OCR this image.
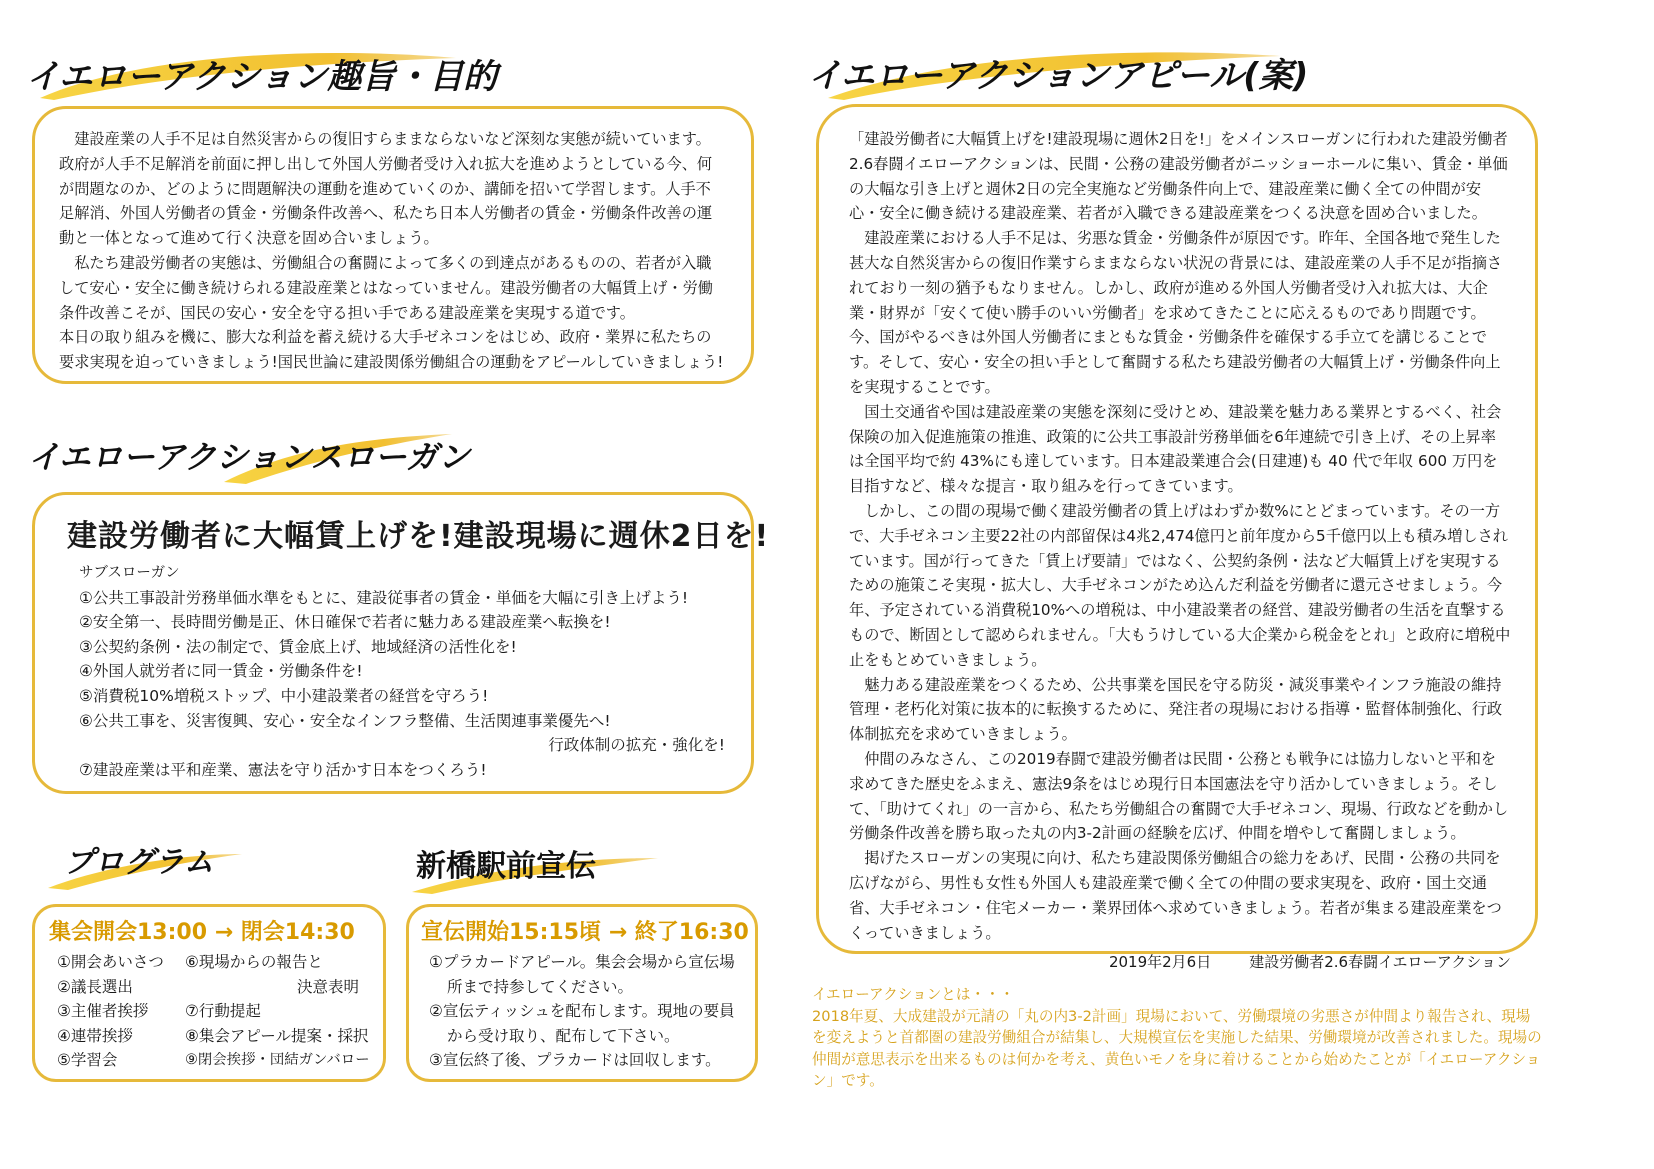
イエローアクション趣旨・目的

建設産業の人手不足は自然災害からの復旧すらままならないなど深刻な実態が続いています。政府が人手不足解消を前面に押し出して外国人労働者受け入れ拡大を進めようとしている今、何が問題なのか、どのように問題解決の運動を進めていくのか、講師を招いて学習します。人手不足解消、外国人労働者の賃金・労働条件改善へ、私たち日本人労働者の賃金・労働条件改善の運動と一体となって進めて行く決意を固め合いましょう。

私たち建設労働者の実態は、労働組合の奮闘によって多くの到達点があるものの、若者が入職して安心・安全に働き続けられる建設産業とはなっていません。建設労働者の大幅賃上げ・労働条件改善こそが、国民の安心・安全を守る担い手である建設産業を実現する道です。

本日の取り組みを機に、膨大な利益を蓄え続ける大手ゼネコンをはじめ、政府・業界に私たちの要求実現を迫っていきましょう!国民世論に建設関係労働組合の運動をアピールしていきましょう!

イエローアクションスローガン
建設労働者に大幅賃上げを!建設現場に週休2日を!
サブスローガン
①公共工事設計労務単価水準をもとに、建設従事者の賃金・単価を大幅に引き上げよう!
②安全第一、長時間労働是正、休日確保で若者に魅力ある建設産業へ転換を!
③公契約条例・法の制定で、賃金底上げ、地域経済の活性化を!
④外国人就労者に同一賃金・労働条件を!
⑤消費税10%増税ストップ、中小建設業者の経営を守ろう!
⑥公共工事を、災害復興、安心・安全なインフラ整備、生活関連事業優先へ!
行政体制の拡充・強化を!
⑦建設産業は平和産業、憲法を守り活かす日本をつくろう!
プログラム
集会開会13:00 → 閉会14:30
①開会あいさつ
②議長選出
③主催者挨拶
④連帯挨拶
⑤学習会
⑥現場からの報告と
決意表明
⑦行動提起
⑧集会アピール提案・採択
⑨閉会挨拶・団結ガンバロー
新橋駅前宣伝
宣伝開始15:15頃 → 終了16:30
①プラカードアピール。集会会場から宣伝場
所まで持参してください。
②宣伝ティッシュを配布します。現地の要員
から受け取り、配布して下さい。
③宣伝終了後、プラカードは回収します。
イエローアクションアピール(案)

「建設労働者に大幅賃上げを!建設現場に週休2日を!」をメインスローガンに行われた建設労働者2.6春闘イエローアクションは、民間・公務の建設労働者がニッショーホールに集い、賃金・単価の大幅な引き上げと週休2日の完全実施など労働条件向上で、建設産業に働く全ての仲間が安心・安全に働き続ける建設産業、若者が入職できる建設産業をつくる決意を固め合いました。

建設産業における人手不足は、劣悪な賃金・労働条件が原因です。昨年、全国各地で発生した甚大な自然災害からの復旧作業すらままならない状況の背景には、建設産業の人手不足が指摘されており一刻の猶予もなりません。しかし、政府が進める外国人労働者受け入れ拡大は、大企業・財界が「安くて使い勝手のいい労働者」を求めてきたことに応えるものであり問題です。今、国がやるべきは外国人労働者にまともな賃金・労働条件を確保する手立てを講じることです。そして、安心・安全の担い手として奮闘する私たち建設労働者の大幅賃上げ・労働条件向上を実現することです。

国土交通省や国は建設産業の実態を深刻に受けとめ、建設業を魅力ある業界とするべく、社会保険の加入促進施策の推進、政策的に公共工事設計労務単価を6年連続で引き上げ、その上昇率は全国平均で約 43%にも達しています。日本建設業連合会(日建連)も 40 代で年収 600 万円を目指すなど、様々な提言・取り組みを行ってきています。

しかし、この間の現場で働く建設労働者の賃上げはわずか数%にとどまっています。その一方で、大手ゼネコン主要22社の内部留保は4兆2,474億円と前年度から5千億円以上も積み増しされています。国が行ってきた「賃上げ要請」ではなく、公契約条例・法など大幅賃上げを実現するための施策こそ実現・拡大し、大手ゼネコンがため込んだ利益を労働者に還元させましょう。今年、予定されている消費税10%への増税は、中小建設業者の経営、建設労働者の生活を直撃するもので、断固として認められません。「大もうけしている大企業から税金をとれ」と政府に増税中止をもとめていきましょう。

魅力ある建設産業をつくるため、公共事業を国民を守る防災・減災事業やインフラ施設の維持管理・老朽化対策に抜本的に転換するために、発注者の現場における指導・監督体制強化、行政体制拡充を求めていきましょう。

仲間のみなさん、この2019春闘で建設労働者は民間・公務とも戦争には協力しないと平和を求めてきた歴史をふまえ、憲法9条をはじめ現行日本国憲法を守り活かしていきましょう。そして、「助けてくれ」の一言から、私たち労働組合の奮闘で大手ゼネコン、現場、行政などを動かし労働条件改善を勝ち取った丸の内3-2計画の経験を広げ、仲間を増やして奮闘しましょう。

掲げたスローガンの実現に向け、私たち建設関係労働組合の総力をあげ、民間・公務の共同を広げながら、男性も女性も外国人も建設産業で働く全ての仲間の要求実現を、政府・国土交通省、大手ゼネコン・住宅メーカー・業界団体へ求めていきましょう。若者が集まる建設産業をつくっていきましょう。

2019年2月6日	建設労働者2.6春闘イエローアクション
イエローアクションとは・・・
2018年夏、大成建設が元請の「丸の内3-2計画」現場において、労働環境の劣悪さが仲間より報告され、現場を変えようと首都圏の建設労働組合が結集し、大規模宣伝を実施した結果、労働環境が改善されました。現場の仲間が意思表示を出来るものは何かを考え、黄色いモノを身に着けることから始めたことが「イエローアクション」です。
